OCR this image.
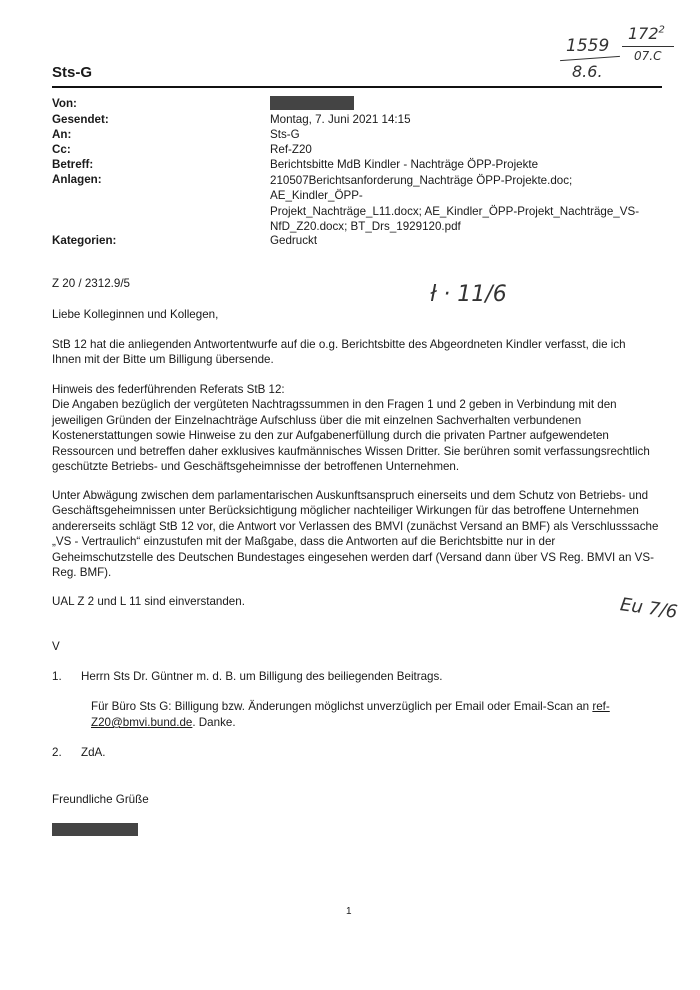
1559
8.6.
$172^2$
07.C
Sts-G
Von:
Gesendet:	Montag, 7. Juni 2021 14:15
An:	Sts-G
Cc:	Ref-Z20
Betreff:	Berichtsbitte MdB Kindler - Nachträge ÖPP-Projekte
Anlagen:	210507Berichtsanforderung_Nachträge ÖPP-Projekte.doc; AE_Kindler_ÖPP-
Projekt_Nachträge_L11.docx; AE_Kindler_ÖPP-Projekt_Nachträge_VS-
NfD_Z20.docx; BT_Drs_1929120.pdf
Kategorien:	Gedruckt
Z 20 / 2312.9/5	ł · 11/6
Liebe Kolleginnen und Kollegen,
StB 12 hat die anliegenden Antwortentwurfe auf die o.g. Berichtsbitte des Abgeordneten Kindler verfasst, die ich
Ihnen mit der Bitte um Billigung übersende.
Hinweis des federführenden Referats StB 12:
Die Angaben bezüglich der vergüteten Nachtragssummen in den Fragen 1 und 2 geben in Verbindung mit den
jeweiligen Gründen der Einzelnachträge Aufschluss über die mit einzelnen Sachverhalten verbundenen
Kostenerstattungen sowie Hinweise zu den zur Aufgabenerfüllung durch die privaten Partner aufgewendeten
Ressourcen und betreffen daher exklusives kaufmännisches Wissen Dritter. Sie berühren somit verfassungsrechtlich
geschützte Betriebs- und Geschäftsgeheimnisse der betroffenen Unternehmen.
Unter Abwägung zwischen dem parlamentarischen Auskunftsanspruch einerseits und dem Schutz von Betriebs- und
Geschäftsgeheimnissen unter Berücksichtigung möglicher nachteiliger Wirkungen für das betroffene Unternehmen
andererseits schlägt StB 12 vor, die Antwort vor Verlassen des BMVI (zunächst Versand an BMF) als Verschlusssache
„VS - Vertraulich“ einzustufen mit der Maßgabe, dass die Antworten auf die Berichtsbitte nur in der
Geheimschutzstelle des Deutschen Bundestages eingesehen werden darf (Versand dann über VS Reg. BMVI an VS-
Reg. BMF).
UAL Z 2 und L 11 sind einverstanden.	Eu 7/6
V
1. Herrn Sts Dr. Güntner m. d. B. um Billigung des beiliegenden Beitrags.
Für Büro Sts G: Billigung bzw. Änderungen möglichst unverzüglich per Email oder Email-Scan an ref-
Z20@bmvi.bund.de. Danke.
2. ZdA.
Freundliche Grüße
1
